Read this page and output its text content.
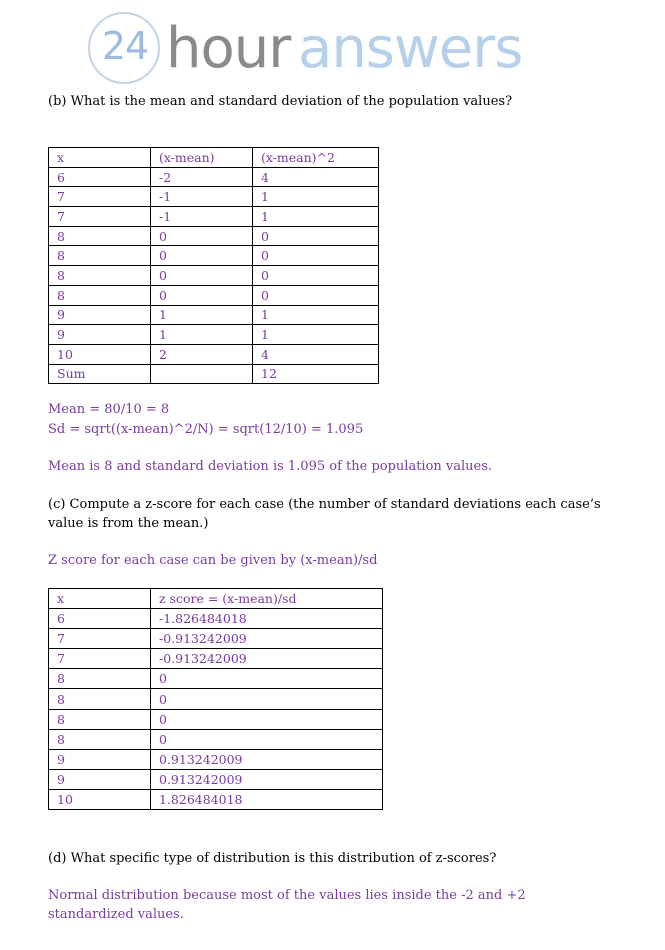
24 hour answers
(b) What is the mean and standard deviation of the population values?
x	(x-mean)	(x-mean)^2
6	-2	4
7	-1	1
7	-1	1
8	0	0
8	0	0
8	0	0
8	0	0
9	1	1
9	1	1
10	2	4
Sum		12
Mean = 80/10 = 8
Sd = sqrt((x-mean)^2/N) = sqrt(12/10) = 1.095
Mean is 8 and standard deviation is 1.095 of the population values.
(c) Compute a z-score for each case (the number of standard deviations each case’s
value is from the mean.)
Z score for each case can be given by (x-mean)/sd
x	z score = (x-mean)/sd
6	-1.826484018
7	-0.913242009
7	-0.913242009
8	0
8	0
8	0
8	0
9	0.913242009
9	0.913242009
10	1.826484018
(d) What specific type of distribution is this distribution of z-scores?
Normal distribution because most of the values lies inside the -2 and +2
standardized values.
